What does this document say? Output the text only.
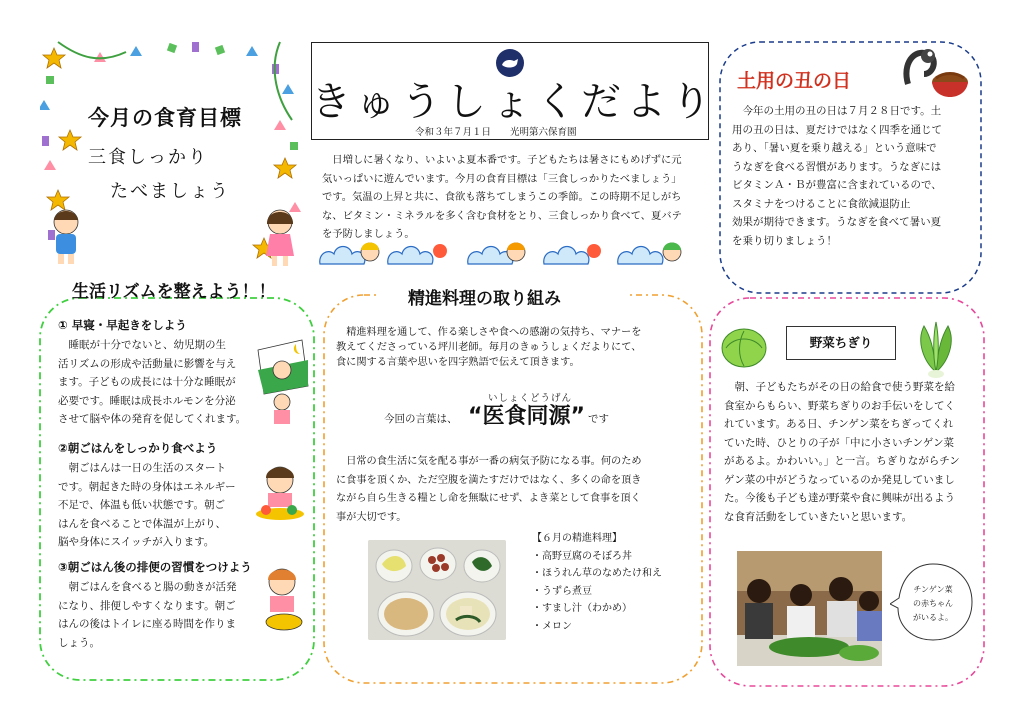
今月の食育目標
三食しっかり
たべましょう
きゅうしょくだより
令和３年７月１日　　光明第六保育園

日増しに暑くなり、いよいよ夏本番です。子どもたちは暑さにもめげずに元

気いっぱいに遊んでいます。今月の食育目標は「三食しっかりたべましょう」

です。気温の上昇と共に、食欲も落ちてしまうこの季節。この時期不足しがち

な、ビタミン・ミネラルを多く含む食材をとり、三食しっかり食べて、夏バテ

を予防しましょう。

土用の丑の日

今年の土用の丑の日は７月２８日です。土

用の丑の日は、夏だけではなく四季を通じて

あり、「暑い夏を乗り越える」という意味で

うなぎを食べる習慣があります。うなぎには

ビタミンＡ・Ｂが豊富に含まれているので、

スタミナをつけることに食欲減退防止

効果が期待できます。うなぎを食べて暑い夏

を乗り切りましょう！

生活リズムを整えよう！！
① 早寝・早起きをしよう

睡眠が十分でないと、幼児期の生

活リズムの形成や活動量に影響を与え

ます。子どもの成長には十分な睡眠が

必要です。睡眠は成長ホルモンを分泌

させて脳や体の発育を促してくれます。

②朝ごはんをしっかり食べよう

朝ごはんは一日の生活のスタート

です。朝起きた時の身体はエネルギー

不足で、体温も低い状態です。朝ご

はんを食べることで体温が上がり、

脳や身体にスイッチが入ります。

③朝ごはん後の排便の習慣をつけよう

朝ごはんを食べると腸の動きが活発

になり、排便しやすくなります。朝ご

はんの後はトイレに座る時間を作りま

しょう。

精進料理の取り組み

精進料理を通して、作る楽しさや食への感謝の気持ち、マナーを

教えてくださっている坪川老師。毎月のきゅうしょくだよりにて、

食に関する言葉や思いを四字熟語で伝えて頂きます。

今回の言葉は、
いしょくどうげん
“医食同源” です

日常の食生活に気を配る事が一番の病気予防になる事。何のため

に食事を頂くか、ただ空腹を満たすだけではなく、多くの命を頂き

ながら自ら生きる糧とし命を無駄にせず、よき菜として食事を頂く

事が大切です。

【６月の精進料理】

・高野豆腐のそぼろ丼

・ほうれん草のなめたけ和え

・うずら煮豆

・すまし汁（わかめ）

・メロン

野菜ちぎり

朝、子どもたちがその日の給食で使う野菜を給

食室からもらい、野菜ちぎりのお手伝いをしてく

れています。ある日、チンゲン菜をちぎってくれ

ていた時、ひとりの子が「中に小さいチンゲン菜

があるよ。かわいい。」と一言。ちぎりながらチン

ゲン菜の中がどうなっているのか発見していまし

た。今後も子ども達が野菜や食に興味が出るよう

な食育活動をしていきたいと思います。

チンゲン菜
の赤ちゃん
がいるよ。
